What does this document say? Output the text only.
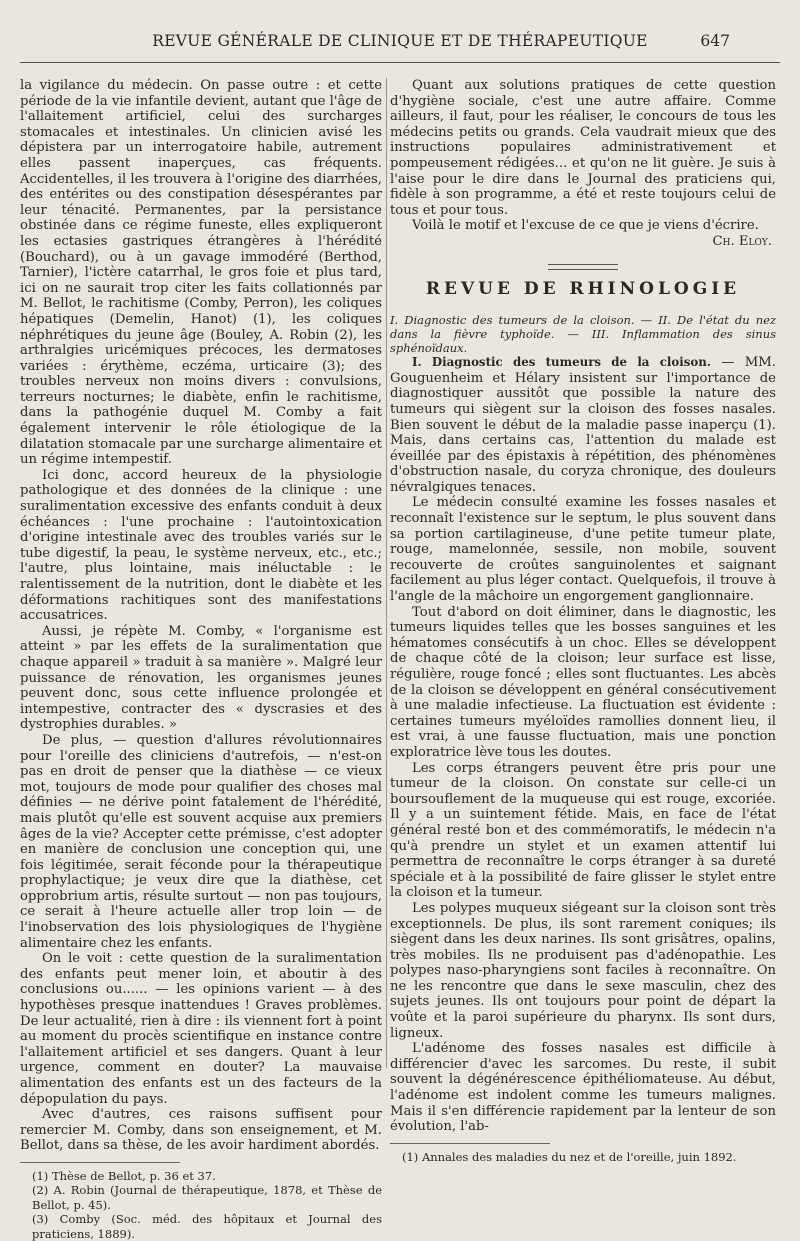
REVUE GÉNÉRALE DE CLINIQUE ET DE THÉRAPEUTIQUE	647

la vigilance du médecin. On passe outre : et cette période de la vie infantile devient, autant que l'âge de l'allaitement artificiel, celui des surcharges stomacales et intestinales. Un clinicien avisé les dépistera par un interrogatoire habile, autrement elles passent inaperçues, cas fréquents. Accidentelles, il les trouvera à l'origine des diarrhées, des entérites ou des constipation désespérantes par leur ténacité. Permanentes, par la persistance obstinée dans ce régime funeste, elles expliqueront les ectasies gastriques étrangères à l'hérédité (Bouchard), ou à un gavage immodéré (Berthod, Tarnier), l'ictère catarrhal, le gros foie et plus tard, ici on ne saurait trop citer les faits collationnés par M. Bellot, le rachitisme (Comby, Perron), les coliques hépatiques (Demelin, Hanot) (1), les coliques néphrétiques du jeune âge (Bouley, A. Robin (2), les arthralgies uricémiques précoces, les dermatoses variées : érythème, eczéma, urticaire (3); des troubles nerveux non moins divers : convulsions, terreurs nocturnes; le diabète, enfin le rachitisme, dans la pathogénie duquel M. Comby a fait également intervenir le rôle étiologique de la dilatation stomacale par une surcharge alimentaire et un régime intempestif.

Ici donc, accord heureux de la physiologie pathologique et des données de la clinique : une suralimentation excessive des enfants conduit à deux échéances : l'une prochaine : l'autointoxication d'origine intestinale avec des troubles variés sur le tube digestif, la peau, le système nerveux, etc., etc.; l'autre, plus lointaine, mais inéluctable : le ralentissement de la nutrition, dont le diabète et les déformations rachitiques sont des manifestations accusatrices.

Aussi, je répète M. Comby, « l'organisme est atteint » par les effets de la suralimentation que chaque appareil » traduit à sa manière ». Malgré leur puissance de rénovation, les organismes jeunes peuvent donc, sous cette influence prolongée et intempestive, contracter des « dyscrasies et des dystrophies durables. »

De plus, — question d'allures révolutionnaires pour l'oreille des cliniciens d'autrefois, — n'est-on pas en droit de penser que la diathèse — ce vieux mot, toujours de mode pour qualifier des choses mal définies — ne dérive point fatalement de l'hérédité, mais plutôt qu'elle est souvent acquise aux premiers âges de la vie? Accepter cette prémisse, c'est adopter en manière de conclusion une conception qui, une fois légitimée, serait féconde pour la thérapeutique prophylactique; je veux dire que la diathèse, cet opprobrium artis, résulte surtout — non pas toujours, ce serait à l'heure actuelle aller trop loin — de l'inobservation des lois physiologiques de l'hygiène alimentaire chez les enfants.

On le voit : cette question de la suralimentation des enfants peut mener loin, et aboutir à des conclusions ou...... — les opinions varient — à des hypothèses presque inattendues ! Graves problèmes. De leur actualité, rien à dire : ils viennent fort à point au moment du procès scientifique en instance contre l'allaitement artificiel et ses dangers. Quant à leur urgence, comment en douter? La mauvaise alimentation des enfants est un des facteurs de la dépopulation du pays.

Avec d'autres, ces raisons suffisent pour remercier M. Comby, dans son enseignement, et M. Bellot, dans sa thèse, de les avoir hardiment abordés.

(1) Thèse de Bellot, p. 36 et 37.

(2) A. Robin (Journal de thérapeutique, 1878, et Thèse de Bellot, p. 45).

(3) Comby (Soc. méd. des hôpitaux et Journal des praticiens, 1889).

Quant aux solutions pratiques de cette question d'hygiène sociale, c'est une autre affaire. Comme ailleurs, il faut, pour les réaliser, le concours de tous les médecins petits ou grands. Cela vaudrait mieux que des instructions populaires administrativement et pompeusement rédigées... et qu'on ne lit guère. Je suis à l'aise pour le dire dans le Journal des praticiens qui, fidèle à son programme, a été et reste toujours celui de tous et pour tous.

Voilà le motif et l'excuse de ce que je viens d'écrire.

Ch. Eloy.

REVUE DE RHINOLOGIE

I. Diagnostic des tumeurs de la cloison. — II. De l'état du nez dans la fièvre typhoïde. — III. Inflammation des sinus sphénoïdaux.

I. Diagnostic des tumeurs de la cloison. — MM. Gouguenheim et Hélary insistent sur l'importance de diagnostiquer aussitôt que possible la nature des tumeurs qui siègent sur la cloison des fosses nasales. Bien souvent le début de la maladie passe inaperçu (1). Mais, dans certains cas, l'attention du malade est éveillée par des épistaxis à répétition, des phénomènes d'obstruction nasale, du coryza chronique, des douleurs névralgiques tenaces.

Le médecin consulté examine les fosses nasales et reconnaît l'existence sur le septum, le plus souvent dans sa portion cartilagineuse, d'une petite tumeur plate, rouge, mamelonnée, sessile, non mobile, souvent recouverte de croûtes sanguinolentes et saignant facilement au plus léger contact. Quelquefois, il trouve à l'angle de la mâchoire un engorgement ganglionnaire.

Tout d'abord on doit éliminer, dans le diagnostic, les tumeurs liquides telles que les bosses sanguines et les hématomes consécutifs à un choc. Elles se développent de chaque côté de la cloison; leur surface est lisse, régulière, rouge foncé ; elles sont fluctuantes. Les abcès de la cloison se développent en général consécutivement à une maladie infectieuse. La fluctuation est évidente : certaines tumeurs myéloïdes ramollies donnent lieu, il est vrai, à une fausse fluctuation, mais une ponction exploratrice lève tous les doutes.

Les corps étrangers peuvent être pris pour une tumeur de la cloison. On constate sur celle-ci un boursouflement de la muqueuse qui est rouge, excoriée. Il y a un suintement fétide. Mais, en face de l'état général resté bon et des commémoratifs, le médecin n'a qu'à prendre un stylet et un examen attentif lui permettra de reconnaître le corps étranger à sa dureté spéciale et à la possibilité de faire glisser le stylet entre la cloison et la tumeur.

Les polypes muqueux siégeant sur la cloison sont très exceptionnels. De plus, ils sont rarement coniques; ils siègent dans les deux narines. Ils sont grisâtres, opalins, très mobiles. Ils ne produisent pas d'adénopathie. Les polypes naso-pharyngiens sont faciles à reconnaître. On ne les rencontre que dans le sexe masculin, chez des sujets jeunes. Ils ont toujours pour point de départ la voûte et la paroi supérieure du pharynx. Ils sont durs, ligneux.

L'adénome des fosses nasales est difficile à différencier d'avec les sarcomes. Du reste, il subit souvent la dégénérescence épithéliomateuse. Au début, l'adénome est indolent comme les tumeurs malignes. Mais il s'en différencie rapidement par la lenteur de son évolution, l'ab-

(1) Annales des maladies du nez et de l'oreille, juin 1892.
